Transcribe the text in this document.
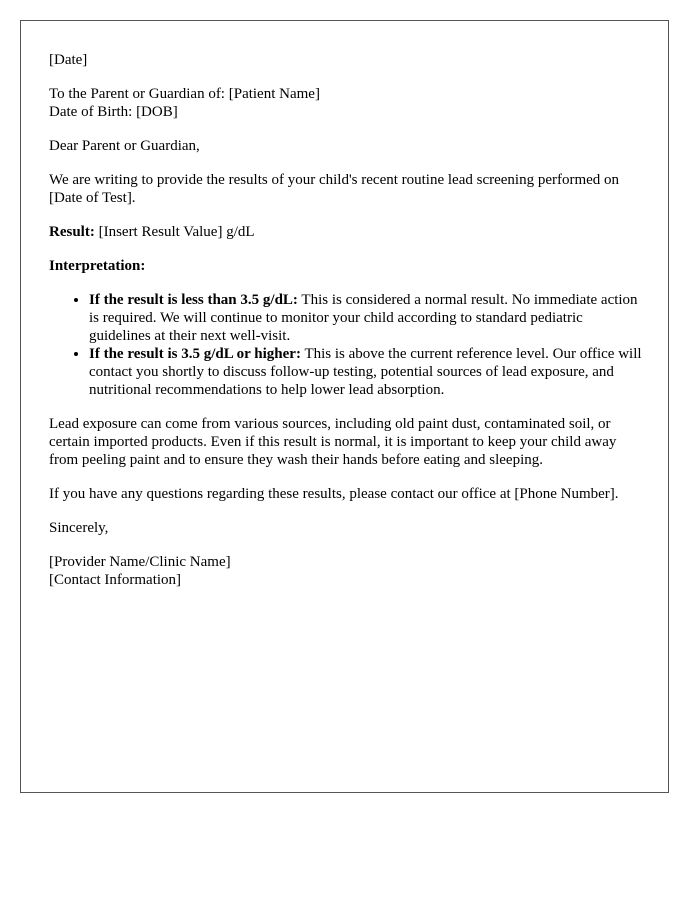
[Date]

To the Parent or Guardian of: [Patient Name]
Date of Birth: [DOB]

Dear Parent or Guardian,

We are writing to provide the results of your child's recent routine lead screening performed on [Date of Test].

Result: [Insert Result Value] g/dL

Interpretation:

• If the result is less than 3.5 g/dL: This is considered a normal result. No immediate action is required. We will continue to monitor your child according to standard pediatric guidelines at their next well-visit.
• If the result is 3.5 g/dL or higher: This is above the current reference level. Our office will contact you shortly to discuss follow-up testing, potential sources of lead exposure, and nutritional recommendations to help lower lead absorption.

Lead exposure can come from various sources, including old paint dust, contaminated soil, or certain imported products. Even if this result is normal, it is important to keep your child away from peeling paint and to ensure they wash their hands before eating and sleeping.

If you have any questions regarding these results, please contact our office at [Phone Number].

Sincerely,

[Provider Name/Clinic Name]
[Contact Information]
